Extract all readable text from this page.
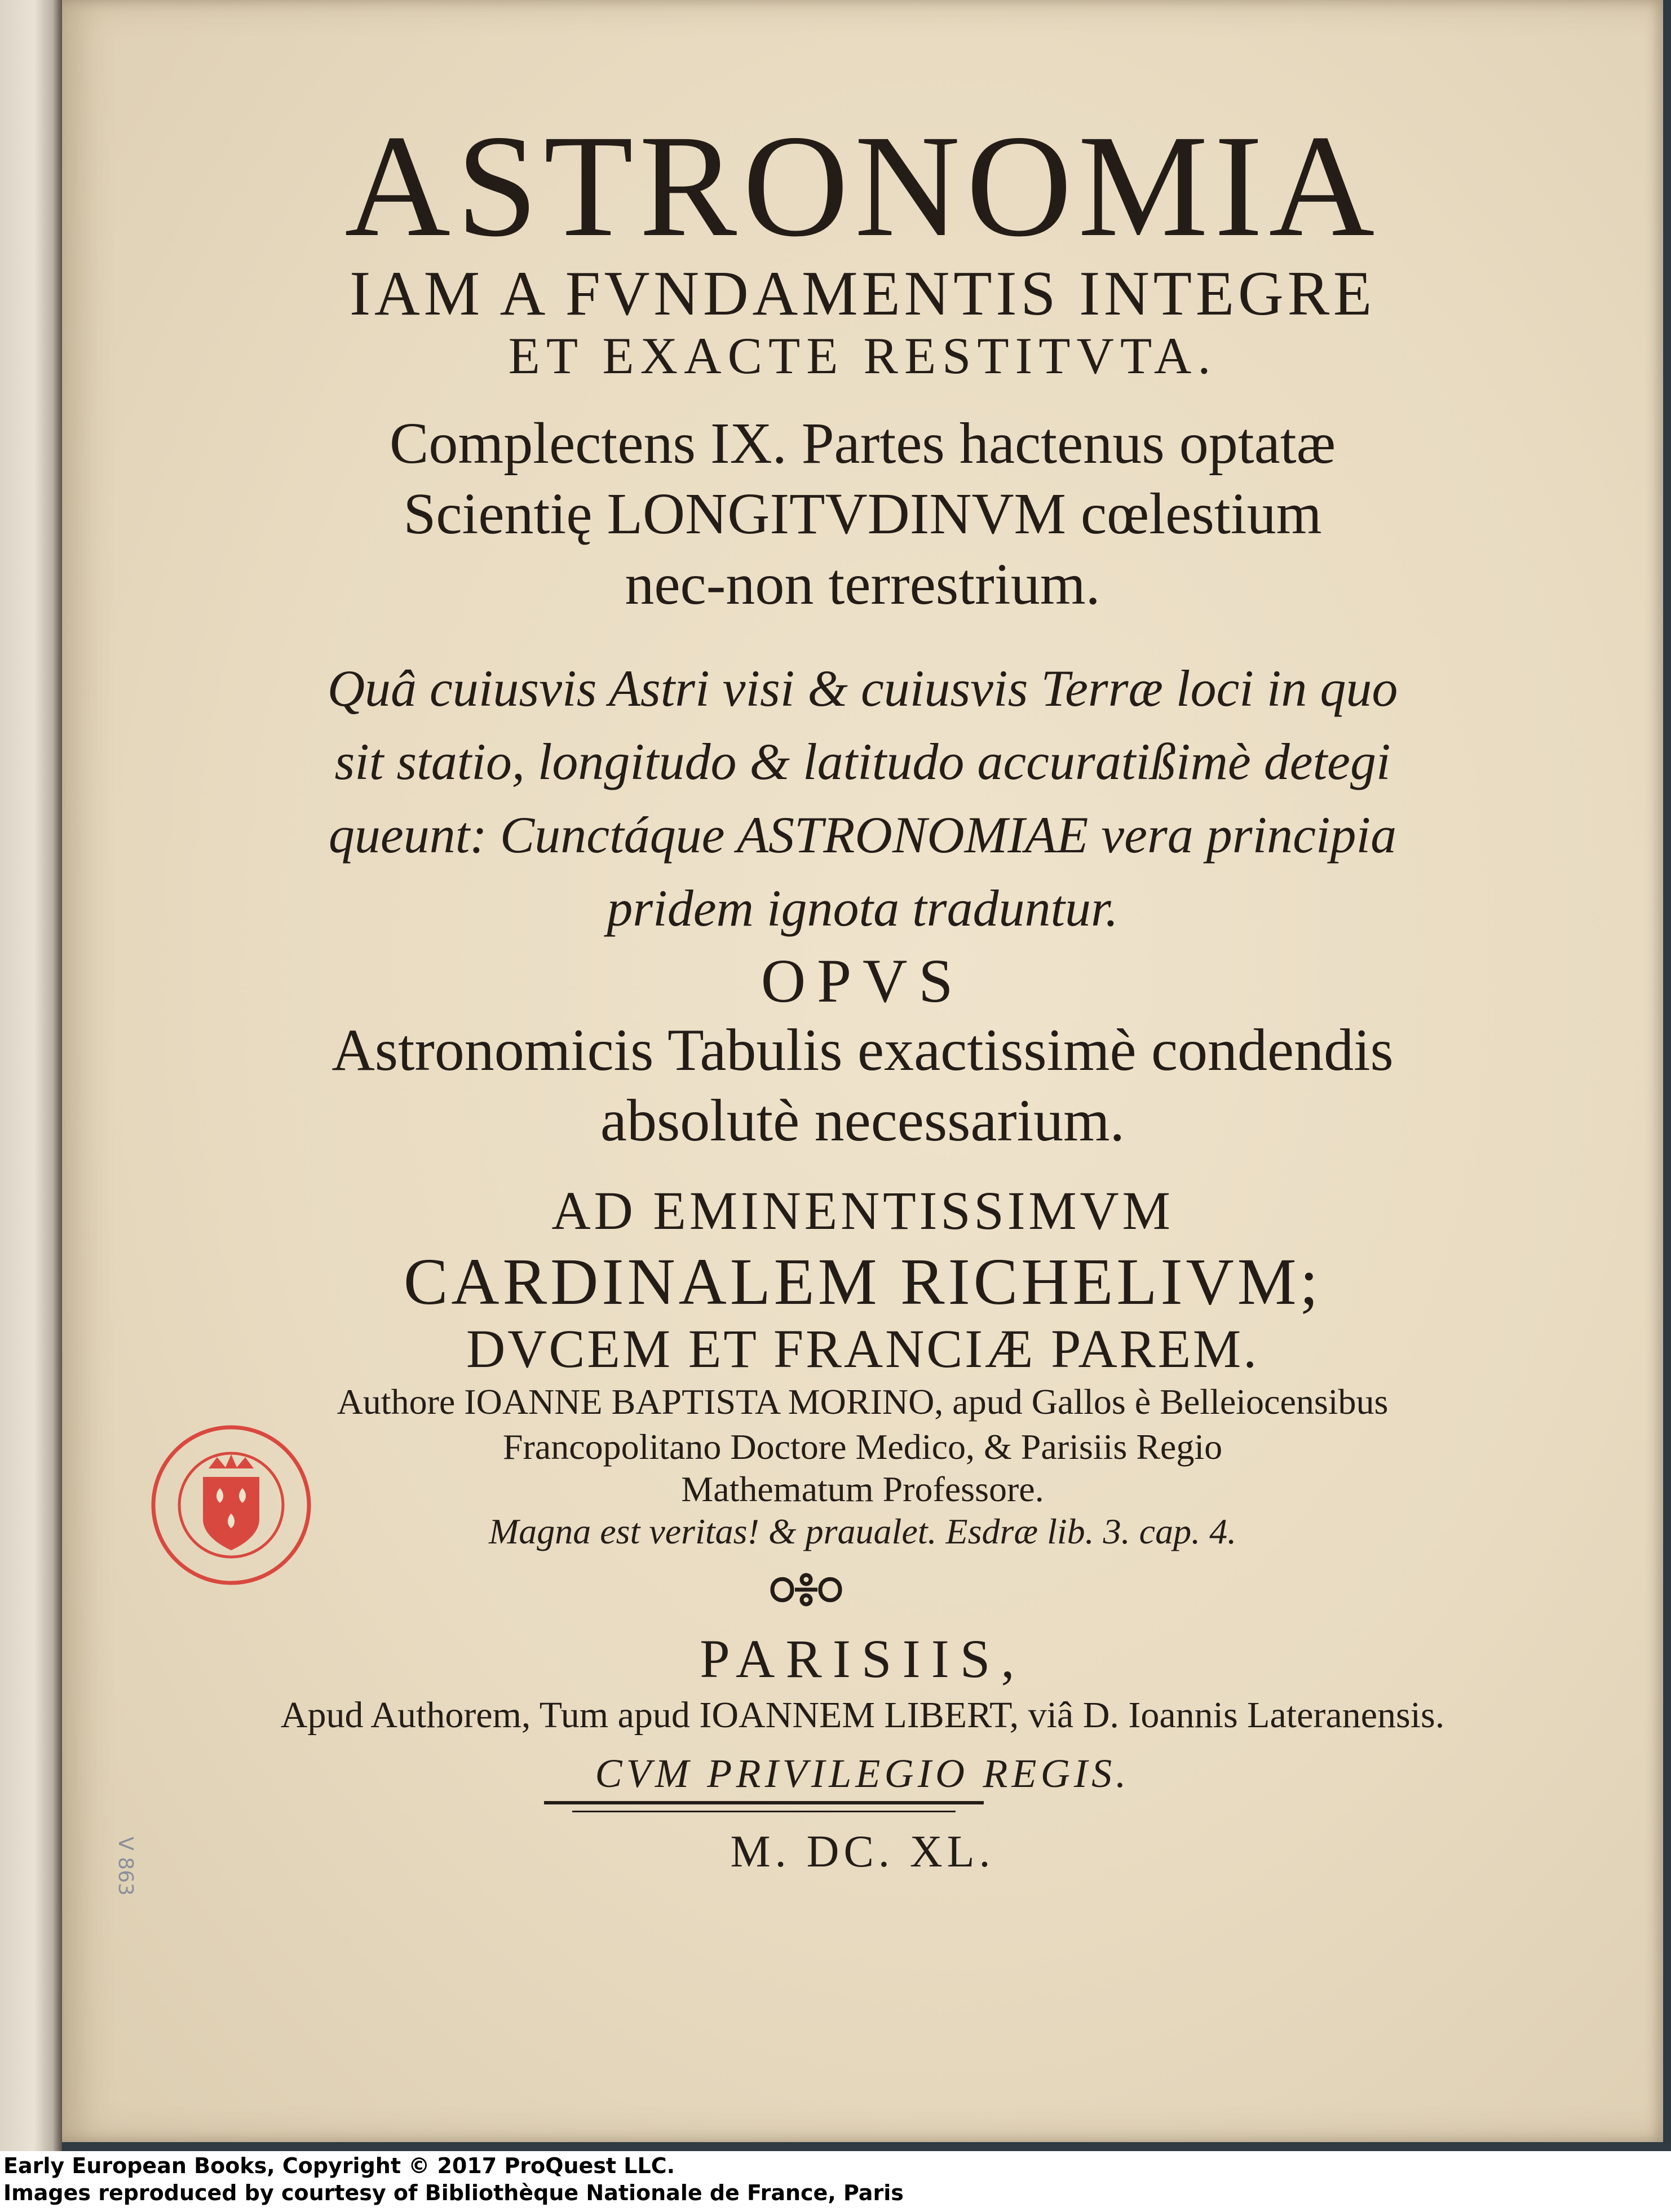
ASTRONOMIA

IAM A FVNDAMENTIS INTEGRE

ET EXACTE RESTITVTA.

Complectens IX. Partes hactenus optatæ

Scientię LONGITVDINVM cœlestium

nec-non terrestrium.

Quâ cuiusvis Astri visi & cuiusvis Terræ loci in quo

sit statio, longitudo & latitudo accuratißimè detegi

queunt: Cunctáque ASTRONOMIAE vera principia

pridem ignota traduntur.

OPVS

Astronomicis Tabulis exactissimè condendis

absolutè necessarium.

AD EMINENTISSIMVM

CARDINALEM RICHELIVM;

DVCEM ET FRANCIÆ PAREM.

Authore IOANNE BAPTISTA MORINO, apud Gallos è Belleiocensibus

Francopolitano Doctore Medico, & Parisiis Regio

Mathematum Professore.

Magna est veritas! & praualet. Esdræ lib. 3. cap. 4.

PARISIIS,

Apud Authorem, Tum apud IOANNEM LIBERT, viâ D. Ioannis Lateranensis.

CVM PRIVILEGIO REGIS.

M. DC. XL.

V 863

Early European Books, Copyright © 2017 ProQuest LLC.

Images reproduced by courtesy of Bibliothèque Nationale de France, Paris
